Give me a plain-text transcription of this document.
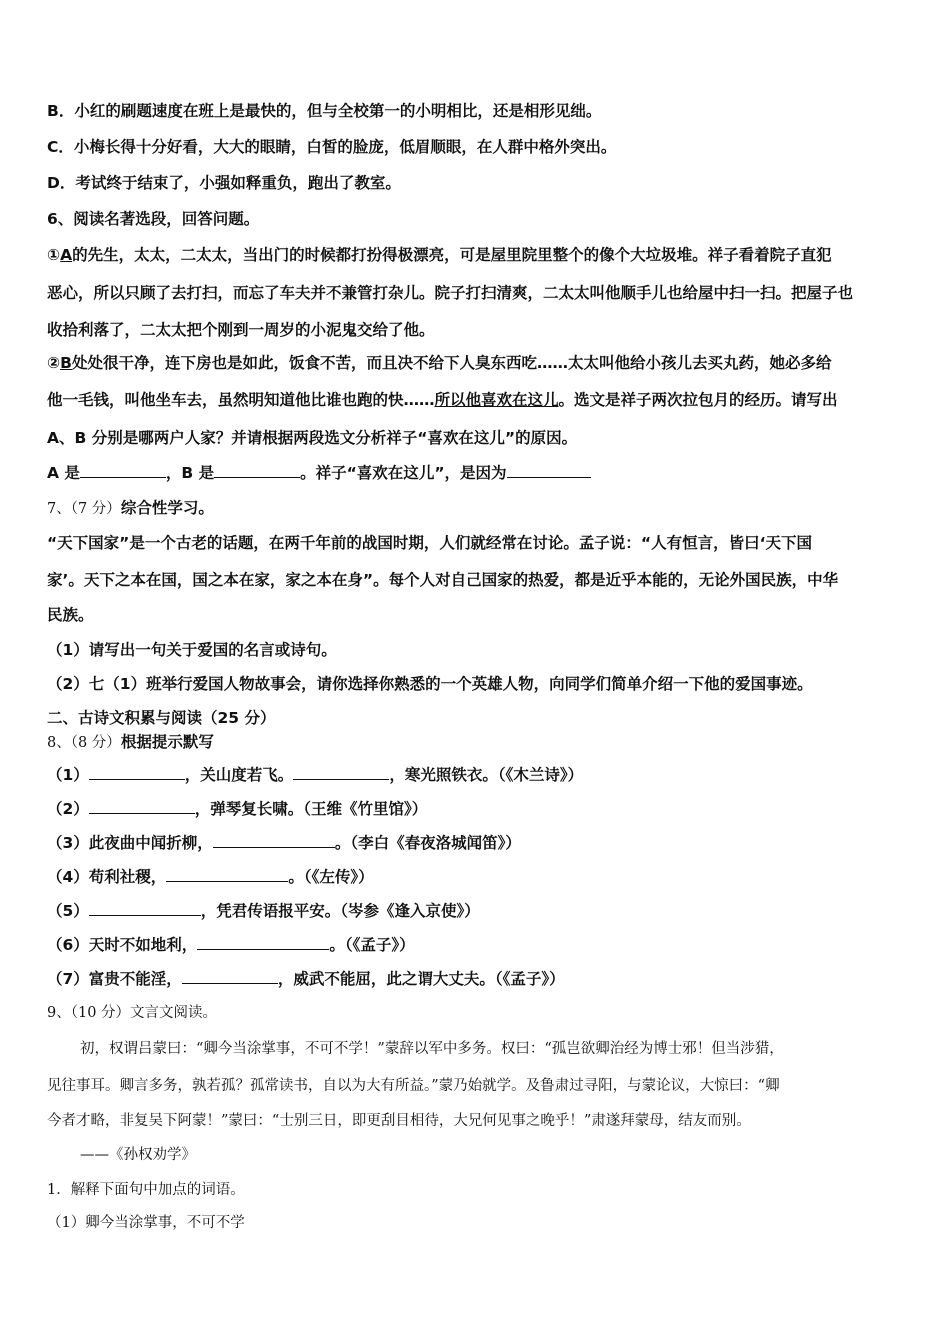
B．小红的刷题速度在班上是最快的，但与全校第一的小明相比，还是相形见绌。
C．小梅长得十分好看，大大的眼睛，白皙的脸庞，低眉顺眼，在人群中格外突出。
D．考试终于结束了，小强如释重负，跑出了教室。
6、阅读名著选段，回答问题。
①A的先生，太太，二太太，当出门的时候都打扮得极漂亮，可是屋里院里整个的像个大垃圾堆。祥子看着院子直犯
恶心，所以只顾了去打扫，而忘了车夫并不兼管打杂儿。院子打扫清爽，二太太叫他顺手儿也给屋中扫一扫。把屋子也
收拾利落了，二太太把个刚到一周岁的小泥鬼交给了他。
②B处处很干净，连下房也是如此，饭食不苦，而且决不给下人臭东西吃……太太叫他给小孩儿去买丸药，她必多给
他一毛钱，叫他坐车去，虽然明知道他比谁也跑的快……所以他喜欢在这儿。选文是祥子两次拉包月的经历。请写出
A、B 分别是哪两户人家？并请根据两段选文分析祥子“喜欢在这儿”的原因。
A 是	，B 是	。祥子“喜欢在这儿”，是因为
7、（7 分）综合性学习。
“天下国家”是一个古老的话题，在两千年前的战国时期，人们就经常在讨论。孟子说：“人有恒言，皆曰‘天下国
家’。天下之本在国，国之本在家，家之本在身”。每个人对自己国家的热爱，都是近乎本能的，无论外国民族，中华
民族。
（1）请写出一句关于爱国的名言或诗句。
（2）七（1）班举行爱国人物故事会，请你选择你熟悉的一个英雄人物，向同学们简单介绍一下他的爱国事迹。
二、古诗文积累与阅读（25 分）
8、（8 分）根据提示默写
（1）	，关山度若飞。	，寒光照铁衣。（《木兰诗》）
（2）	，弹琴复长啸。（王维《竹里馆》）
（3）此夜曲中闻折柳，	。（李白《春夜洛城闻笛》）
（4）苟利社稷，	。（《左传》）
（5）	，凭君传语报平安。（岑参《逢入京使》）
（6）天时不如地利，	。（《孟子》）
（7）富贵不能淫，	，威武不能屈，此之谓大丈夫。（《孟子》）
9、（10 分）文言文阅读。
初，权谓吕蒙曰：“卿今当涂掌事，不可不学！”蒙辞以军中多务。权曰：“孤岂欲卿治经为博士邪！但当涉猎，
见往事耳。卿言多务，孰若孤？孤常读书，自以为大有所益。”蒙乃始就学。及鲁肃过寻阳，与蒙论议，大惊曰：“卿
今者才略，非复吴下阿蒙！”蒙曰：“士别三日，即更刮目相待，大兄何见事之晚乎！”肃遂拜蒙母，结友而别。
——《孙权劝学》
1．解释下面句中加点的词语。
（1）卿今当涂掌事，不可不学
